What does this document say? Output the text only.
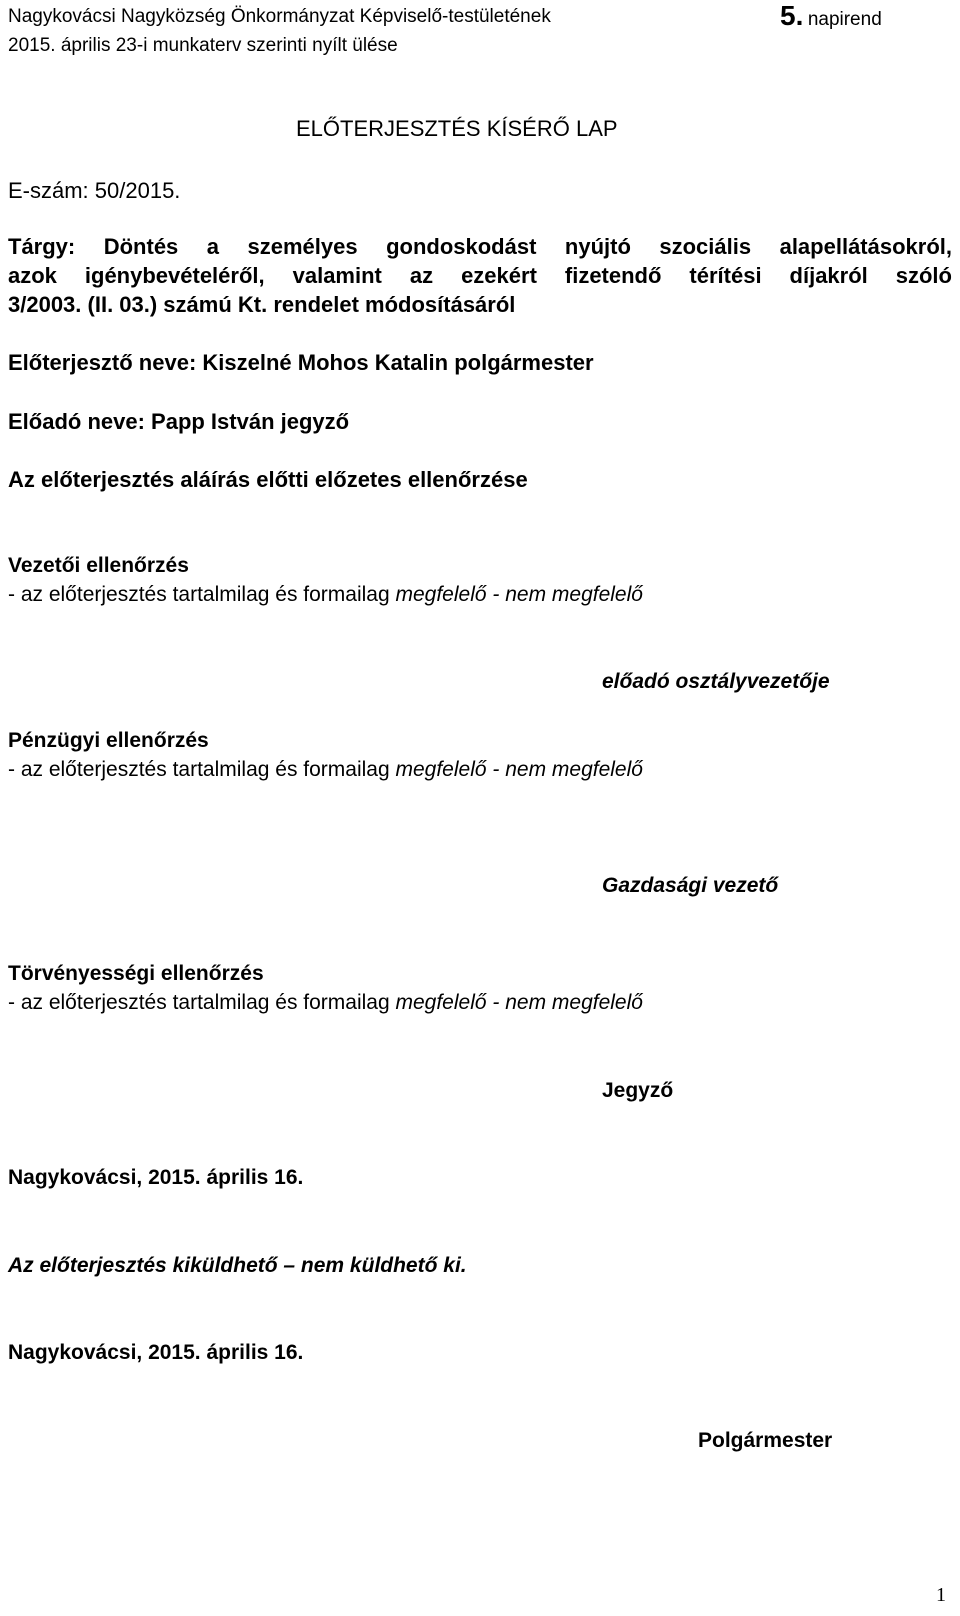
Nagykovácsi Nagyközség Önkormányzat Képviselő-testületének	5. napirend
2015. április 23-i munkaterv szerinti nyílt ülése
ELŐTERJESZTÉS KÍSÉRŐ LAP
E-szám: 50/2015.
Tárgy: Döntés a személyes gondoskodást nyújtó szociális alapellátásokról,
azok igénybevételéről, valamint az ezekért fizetendő térítési díjakról szóló
3/2003. (II. 03.) számú Kt. rendelet módosításáról
Előterjesztő neve: Kiszelné Mohos Katalin polgármester
Előadó neve: Papp István jegyző
Az előterjesztés aláírás előtti előzetes ellenőrzése
Vezetői ellenőrzés
- az előterjesztés tartalmilag és formailag megfelelő - nem megfelelő
előadó osztályvezetője
Pénzügyi ellenőrzés
- az előterjesztés tartalmilag és formailag megfelelő - nem megfelelő
Gazdasági vezető
Törvényességi ellenőrzés
- az előterjesztés tartalmilag és formailag megfelelő - nem megfelelő
Jegyző
Nagykovácsi, 2015. április 16.
Az előterjesztés kiküldhető – nem küldhető ki.
Nagykovácsi, 2015. április 16.
Polgármester
1
